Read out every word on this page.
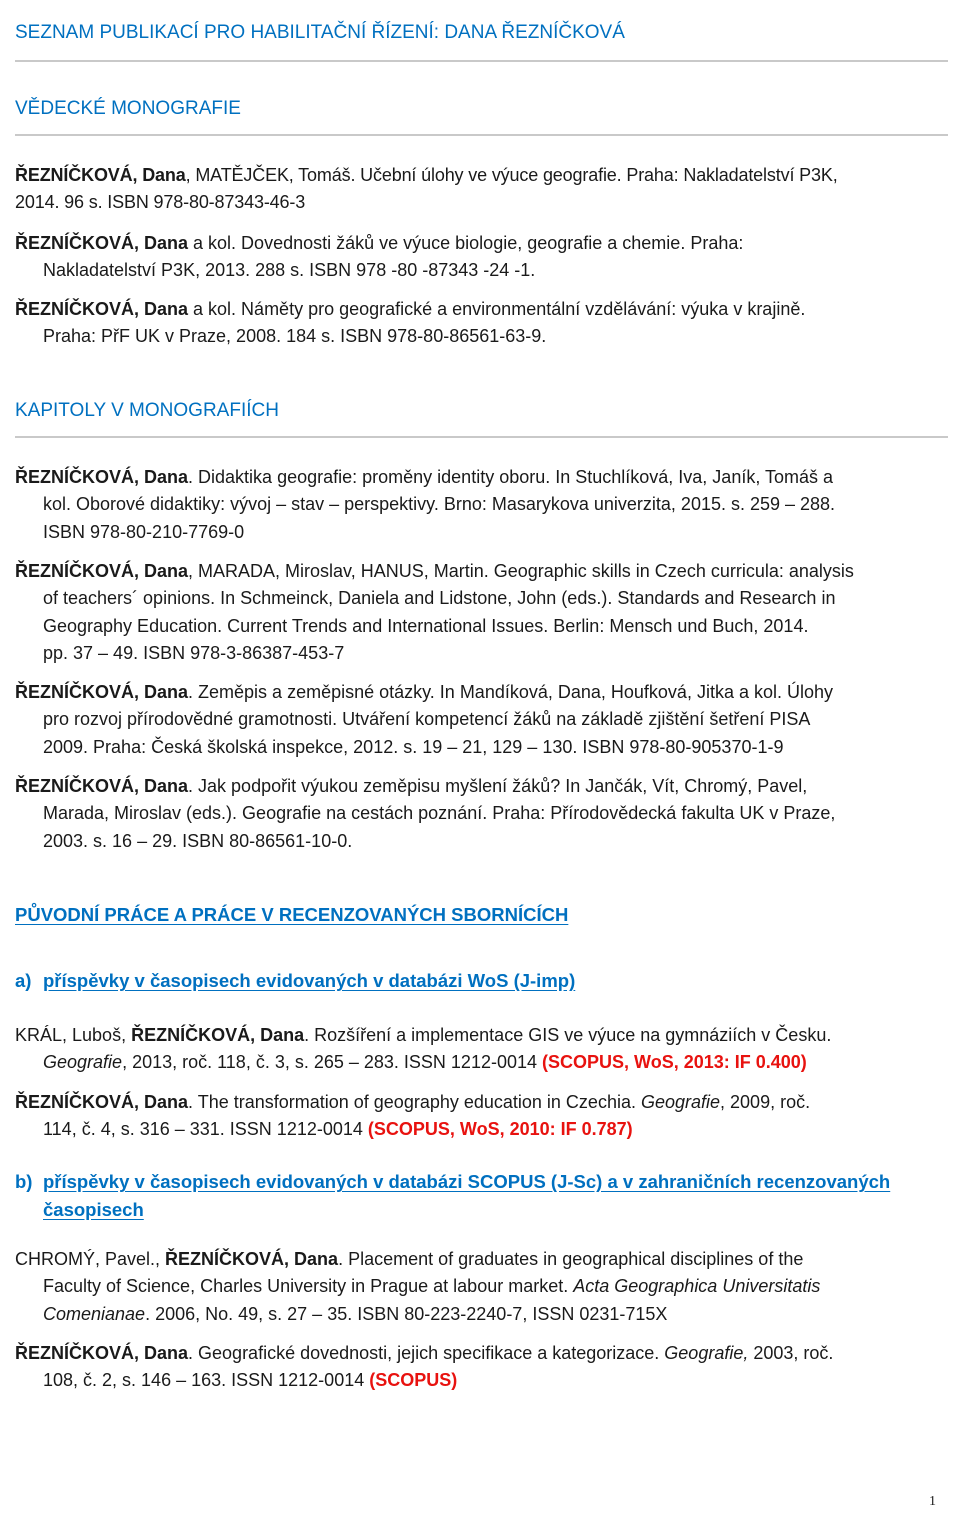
SEZNAM PUBLIKACÍ PRO HABILITAČNÍ ŘÍZENÍ: DANA ŘEZNÍČKOVÁ
VĚDECKÉ MONOGRAFIE
ŘEZNÍČKOVÁ, Dana, MATĚJČEK, Tomáš. Učební úlohy ve výuce geografie. Praha: Nakladatelství P3K,
2014. 96 s. ISBN 978-80-87343-46-3
ŘEZNÍČKOVÁ, Dana a kol. Dovednosti žáků ve výuce biologie, geografie a chemie. Praha:
Nakladatelství P3K, 2013. 288 s. ISBN 978 -80 -87343 -24 -1.
ŘEZNÍČKOVÁ, Dana a kol. Náměty pro geografické a environmentální vzdělávání: výuka v krajině.
Praha: PřF UK v Praze, 2008. 184 s. ISBN 978-80-86561-63-9.
KAPITOLY V MONOGRAFIÍCH
ŘEZNÍČKOVÁ, Dana. Didaktika geografie: proměny identity oboru. In Stuchlíková, Iva, Janík, Tomáš a
kol. Oborové didaktiky: vývoj – stav – perspektivy. Brno: Masarykova univerzita, 2015. s. 259 – 288.
ISBN 978-80-210-7769-0
ŘEZNÍČKOVÁ, Dana, MARADA, Miroslav, HANUS, Martin. Geographic skills in Czech curricula: analysis
of teachers´ opinions. In Schmeinck, Daniela and Lidstone, John (eds.). Standards and Research in
Geography Education. Current Trends and International Issues. Berlin: Mensch und Buch, 2014.
pp. 37 – 49. ISBN 978-3-86387-453-7
ŘEZNÍČKOVÁ, Dana. Zeměpis a zeměpisné otázky. In Mandíková, Dana, Houfková, Jitka a kol. Úlohy
pro rozvoj přírodovědné gramotnosti. Utváření kompetencí žáků na základě zjištění šetření PISA
2009. Praha: Česká školská inspekce, 2012. s. 19 – 21, 129 – 130. ISBN 978-80-905370-1-9
ŘEZNÍČKOVÁ, Dana. Jak podpořit výukou zeměpisu myšlení žáků? In Jančák, Vít, Chromý, Pavel,
Marada, Miroslav (eds.). Geografie na cestách poznání. Praha: Přírodovědecká fakulta UK v Praze,
2003. s. 16 – 29. ISBN 80-86561-10-0.
PŮVODNÍ PRÁCE A PRÁCE V RECENZOVANÝCH SBORNÍCÍCH
a) příspěvky v časopisech evidovaných v databázi WoS (J-imp)
KRÁL, Luboš, ŘEZNÍČKOVÁ, Dana. Rozšíření a implementace GIS ve výuce na gymnáziích v Česku.
Geografie, 2013, roč. 118, č. 3, s. 265 – 283. ISSN 1212-0014 (SCOPUS, WoS, 2013: IF 0.400)
ŘEZNÍČKOVÁ, Dana. The transformation of geography education in Czechia. Geografie, 2009, roč.
114, č. 4, s. 316 – 331. ISSN 1212-0014 (SCOPUS, WoS, 2010: IF 0.787)
b) příspěvky v časopisech evidovaných v databázi SCOPUS (J-Sc) a v zahraničních recenzovaných
časopisech
CHROMÝ, Pavel., ŘEZNÍČKOVÁ, Dana. Placement of graduates in geographical disciplines of the
Faculty of Science, Charles University in Prague at labour market. Acta Geographica Universitatis
Comenianae. 2006, No. 49, s. 27 – 35. ISBN 80-223-2240-7, ISSN 0231-715X
ŘEZNÍČKOVÁ, Dana. Geografické dovednosti, jejich specifikace a kategorizace. Geografie, 2003, roč.
108, č. 2, s. 146 – 163. ISSN 1212-0014 (SCOPUS)
1
